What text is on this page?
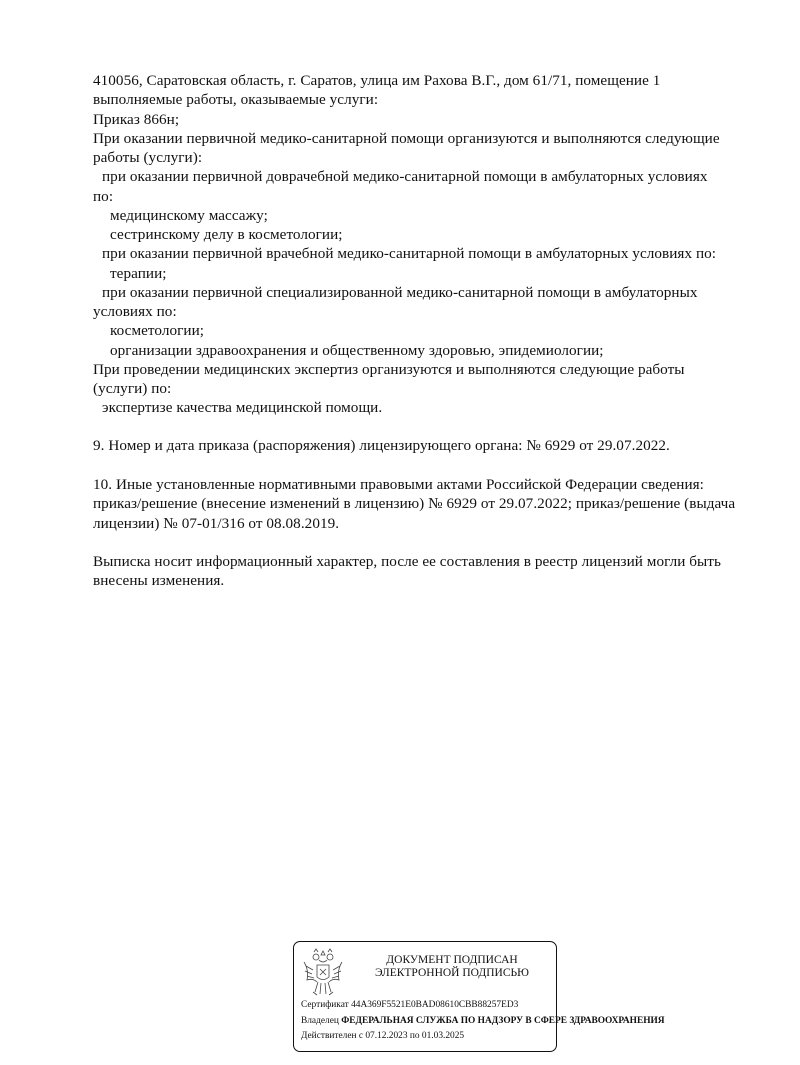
410056, Саратовская область, г. Саратов, улица им Рахова В.Г., дом 61/71, помещение 1
выполняемые работы, оказываемые услуги:
Приказ 866н;
При оказании первичной медико-санитарной помощи организуются и выполняются следующие
работы (услуги):
при оказании первичной доврачебной медико-санитарной помощи в амбулаторных условиях
по:
медицинскому массажу;
сестринскому делу в косметологии;
при оказании первичной врачебной медико-санитарной помощи в амбулаторных условиях по:
терапии;
при оказании первичной специализированной медико-санитарной помощи в амбулаторных
условиях по:
косметологии;
организации здравоохранения и общественному здоровью, эпидемиологии;
При проведении медицинских экспертиз организуются и выполняются следующие работы
(услуги) по:
экспертизе качества медицинской помощи.
9. Номер и дата приказа (распоряжения) лицензирующего органа: № 6929 от 29.07.2022.
10. Иные установленные нормативными правовыми актами Российской Федерации сведения:
приказ/решение (внесение изменений в лицензию) № 6929 от 29.07.2022; приказ/решение (выдача
лицензии) № 07-01/316 от 08.08.2019.
Выписка носит информационный характер, после ее составления в реестр лицензий могли быть
внесены изменения.
ДОКУМЕНТ ПОДПИСАН
ЭЛЕКТРОННОЙ ПОДПИСЬЮ
Сертификат 44A369F5521E0BAD08610CBB88257ED3
Владелец ФЕДЕРАЛЬНАЯ СЛУЖБА ПО НАДЗОРУ В СФЕРЕ ЗДРАВООХРАНЕНИЯ
Действителен с 07.12.2023 по 01.03.2025
